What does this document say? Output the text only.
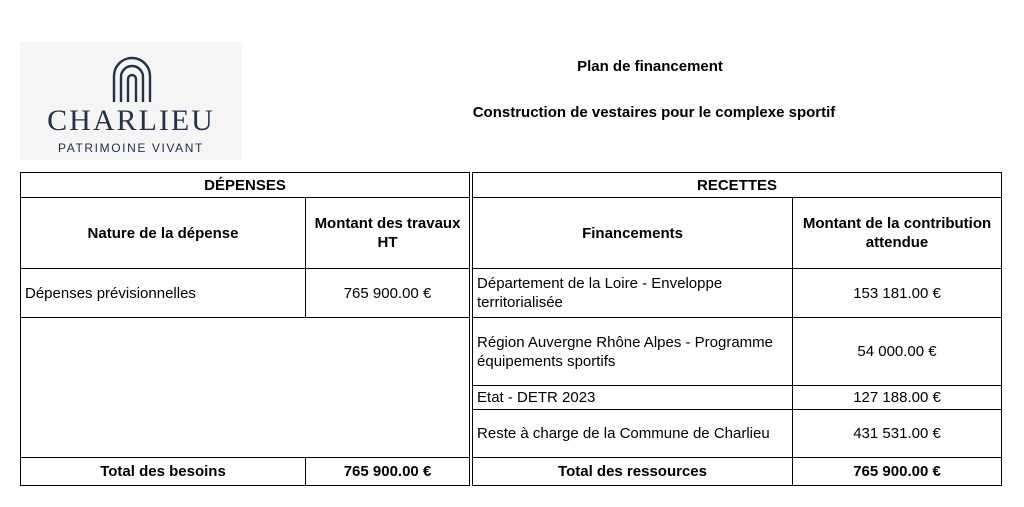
CHARLIEU
PATRIMOINE VIVANT
Plan de financement
Construction de vestaires pour le complexe sportif
DÉPENSES			RECETTES	
Nature de la dépense	Montant des travaux HT		Financements	Montant de la contribution attendue
Dépenses prévisionnelles	765 900.00 €		Département de la Loire - Enveloppe territorialisée	153 181.00 €
			Région Auvergne Rhône Alpes - Programme équipements sportifs	54 000.00 €
			Etat - DETR 2023	127 188.00 €
			Reste à charge de la Commune de Charlieu	431 531.00 €
Total des besoins	765 900.00 €		Total des ressources	765 900.00 €
